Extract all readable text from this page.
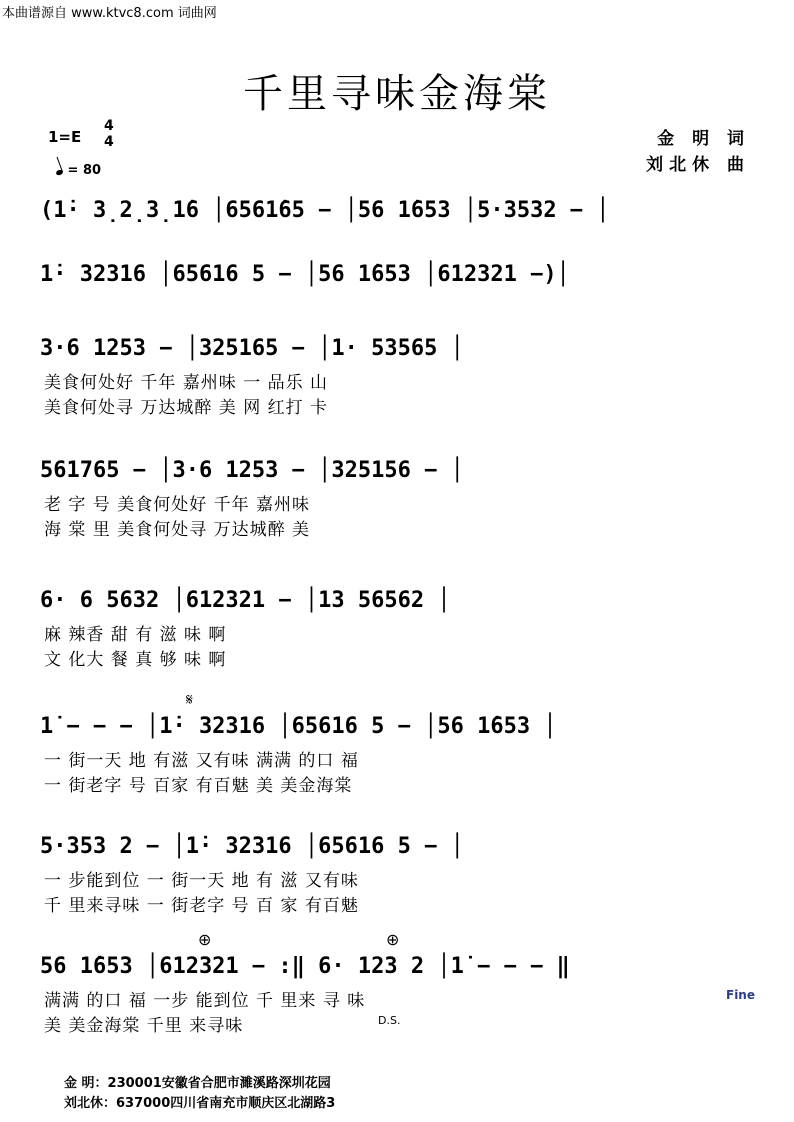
本曲谱源自 www.ktvc8.com 词曲网
千里寻味金海棠
1=E
4
4
= 80
金 明 词
刘北休 曲
(1̇· 3̣2̣3̣1̇6 │6561̇65 − │56 1̇653 │5·3532 − │
1̇· 32316 │65616 5 − │56 1̇653 │612321 −)│
3·6 1253 − │325165 − │1· 53565 │
美食何处好 千年 嘉州味 一 品乐 山
美食何处寻 万达城醉 美 网 红打 卡
561765 − │3·6 1253 − │325156 − │
老 字 号 美食何处好 千年 嘉州味
海 棠 里 美食何处寻 万达城醉 美
6· 6 5632 │612321 − │13 56562 │
麻 辣香 甜 有 滋 味 啊
文 化大 餐 真 够 味 啊
𝄋
1̇ − − − │1̇· 32316 │65616 5 − │56 1̇653 │
一 街一天 地 有滋 又有味 满满 的口 福
一 街老字 号 百家 有百魅 美 美金海棠
5·353 2 − │1̇· 32316 │65616 5 − │
一 步能到位 一 街一天 地 有 滋 又有味
千 里来寻味 一 街老字 号 百 家 有百魅
⊕	⊕
56 1̇653 │612321 − :‖ 6· 123 2 │1̇ − − − ‖
满满 的口 福 一步 能到位 千 里来 寻 味
美 美金海棠 千里 来寻味
Fine
D.S.
金 明：230001安徽省合肥市濉溪路深圳花园
刘北休：637000四川省南充市顺庆区北湖路3
